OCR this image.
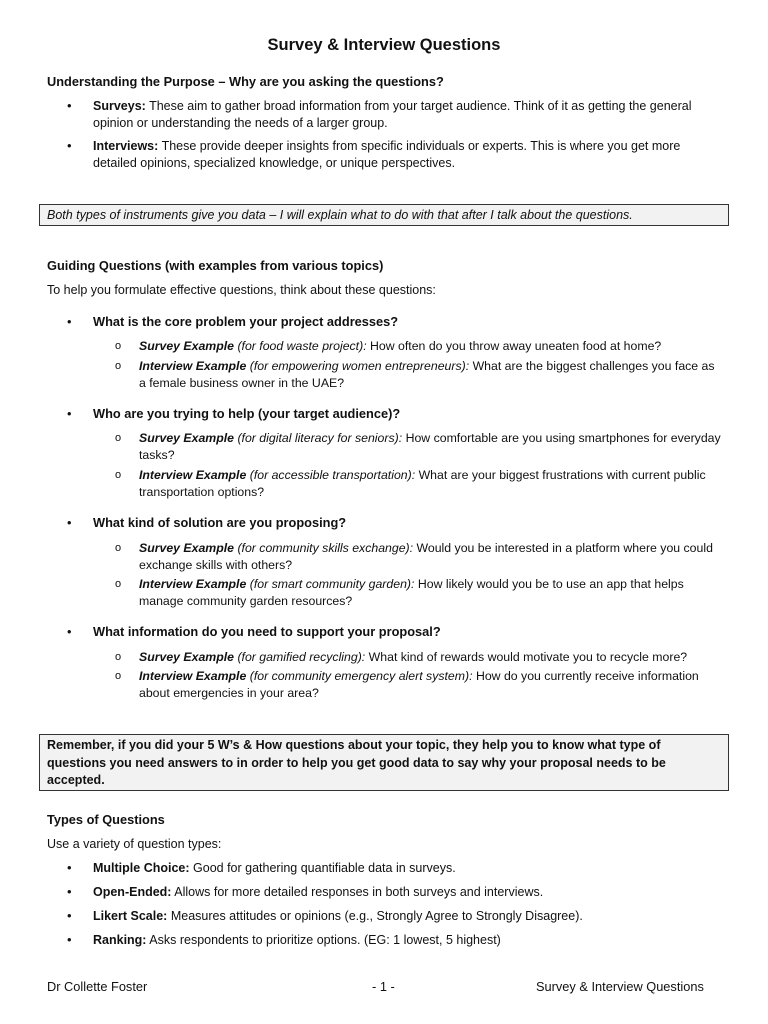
Survey & Interview Questions
Understanding the Purpose – Why are you asking the questions?
• Surveys: These aim to gather broad information from your target audience. Think of it as getting the general opinion or understanding the needs of a larger group.
• Interviews: These provide deeper insights from specific individuals or experts. This is where you get more detailed opinions, specialized knowledge, or unique perspectives.
Both types of instruments give you data – I will explain what to do with that after I talk about the questions.
Guiding Questions (with examples from various topics)
To help you formulate effective questions, think about these questions:
• What is the core problem your project addresses?
o Survey Example (for food waste project): How often do you throw away uneaten food at home?
o Interview Example (for empowering women entrepreneurs): What are the biggest challenges you face as a female business owner in the UAE?
• Who are you trying to help (your target audience)?
o Survey Example (for digital literacy for seniors): How comfortable are you using smartphones for everyday tasks?
o Interview Example (for accessible transportation): What are your biggest frustrations with current public transportation options?
• What kind of solution are you proposing?
o Survey Example (for community skills exchange): Would you be interested in a platform where you could exchange skills with others?
o Interview Example (for smart community garden): How likely would you be to use an app that helps manage community garden resources?
• What information do you need to support your proposal?
o Survey Example (for gamified recycling): What kind of rewards would motivate you to recycle more?
o Interview Example (for community emergency alert system): How do you currently receive information about emergencies in your area?
Remember, if you did your 5 W’s & How questions about your topic, they help you to know what type of questions you need answers to in order to help you get good data to say why your proposal needs to be accepted.
Types of Questions
Use a variety of question types:
• Multiple Choice: Good for gathering quantifiable data in surveys.
• Open-Ended: Allows for more detailed responses in both surveys and interviews.
• Likert Scale: Measures attitudes or opinions (e.g., Strongly Agree to Strongly Disagree).
• Ranking: Asks respondents to prioritize options. (EG: 1 lowest, 5 highest)
Dr Collette Foster	- 1 -	Survey & Interview Questions
